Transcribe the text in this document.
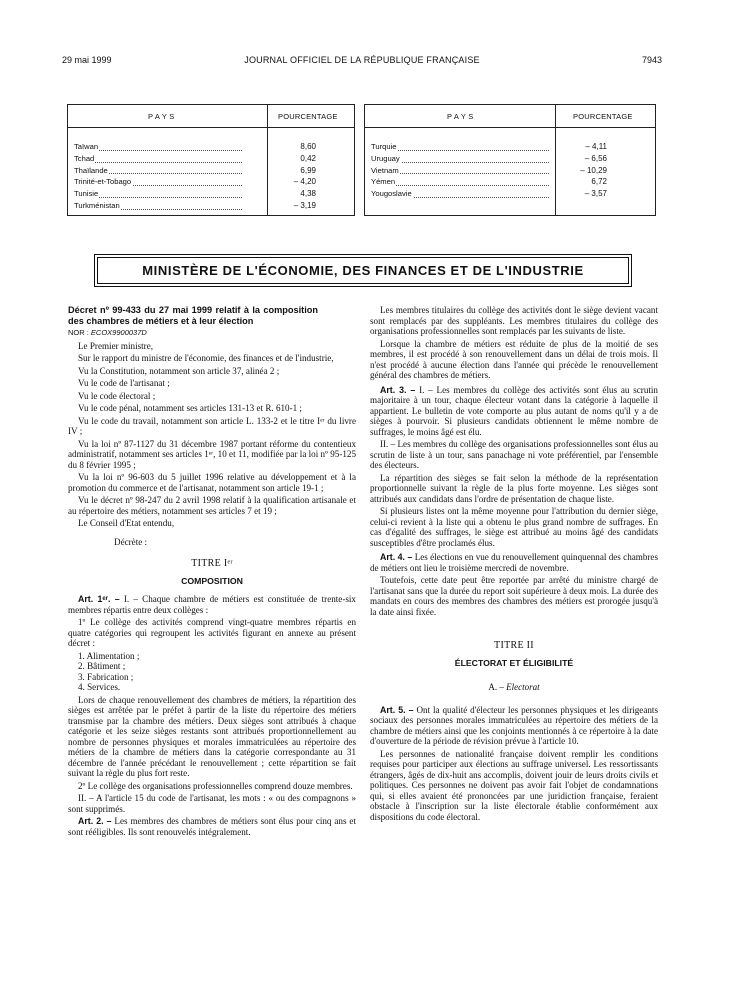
29 mai 1999	JOURNAL OFFICIEL DE LA RÉPUBLIQUE FRANÇAISE	7943
P A Y S	POURCENTAGE
Taïwan	8,60
Tchad	0,42
Thaïlande	6,99
Trinité-et-Tobago	– 4,20
Tunisie	4,38
Turkménistan	– 3,19
P A Y S	POURCENTAGE
Turquie	– 4,11
Uruguay	– 6,56
Vietnam	– 10,29
Yémen	6,72
Yougoslavie	– 3,57
MINISTÈRE DE L'ÉCONOMIE, DES FINANCES ET DE L'INDUSTRIE

Décret nº 99-433 du 27 mai 1999 relatif à la composition des chambres de métiers et à leur élection

NOR : ECOX9900037D

Le Premier ministre,

Sur le rapport du ministre de l'économie, des finances et de l'industrie,

Vu la Constitution, notamment son article 37, alinéa 2 ;

Vu le code de l'artisanat ;

Vu le code électoral ;

Vu le code pénal, notamment ses articles 131-13 et R. 610-1 ;

Vu le code du travail, notamment son article L. 133-2 et le titre Iᵉʳ du livre IV ;

Vu la loi nº 87-1127 du 31 décembre 1987 portant réforme du contentieux administratif, notamment ses articles 1ᵉʳ, 10 et 11, modifiée par la loi nº 95-125 du 8 février 1995 ;

Vu la loi nº 96-603 du 5 juillet 1996 relative au développement et à la promotion du commerce et de l'artisanat, notamment son article 19-1 ;

Vu le décret nº 98-247 du 2 avril 1998 relatif à la qualification artisanale et au répertoire des métiers, notamment ses articles 7 et 19 ;

Le Conseil d'Etat entendu,

Décrète :

TITRE Iᵉʳ

COMPOSITION

Art. 1ᵉʳ. – I. – Chaque chambre de métiers est constituée de trente-six membres répartis entre deux collèges :

1º Le collège des activités comprend vingt-quatre membres répartis en quatre catégories qui regroupent les activités figurant en annexe au présent décret :

1. Alimentation ;

2. Bâtiment ;

3. Fabrication ;

4. Services.

Lors de chaque renouvellement des chambres de métiers, la répartition des sièges est arrêtée par le préfet à partir de la liste du répertoire des métiers transmise par la chambre des métiers. Deux sièges sont attribués à chaque catégorie et les seize sièges restants sont attribués proportionnellement au nombre de personnes physiques et morales immatriculées au répertoire des métiers de la chambre de métiers dans la catégorie correspondante au 31 décembre de l'année précédant le renouvellement ; cette répartition se fait suivant la règle du plus fort reste.

2º Le collège des organisations professionnelles comprend douze membres.

II. – A l'article 15 du code de l'artisanat, les mots : « ou des compagnons » sont supprimés.

Art. 2. – Les membres des chambres de métiers sont élus pour cinq ans et sont rééligibles. Ils sont renouvelés intégralement.

Les membres titulaires du collège des activités dont le siège devient vacant sont remplacés par des suppléants. Les membres titulaires du collège des organisations professionnelles sont remplacés par les suivants de liste.

Lorsque la chambre de métiers est réduite de plus de la moitié de ses membres, il est procédé à son renouvellement dans un délai de trois mois. Il n'est procédé à aucune élection dans l'année qui précède le renouvellement général des chambres de métiers.

Art. 3. – I. – Les membres du collège des activités sont élus au scrutin majoritaire à un tour, chaque électeur votant dans la catégorie à laquelle il appartient. Le bulletin de vote comporte au plus autant de noms qu'il y a de sièges à pourvoir. Si plusieurs candidats obtiennent le même nombre de suffrages, le moins âgé est élu.

II. – Les membres du collège des organisations professionnelles sont élus au scrutin de liste à un tour, sans panachage ni vote préférentiel, par l'ensemble des électeurs.

La répartition des sièges se fait selon la méthode de la représentation proportionnelle suivant la règle de la plus forte moyenne. Les sièges sont attribués aux candidats dans l'ordre de présentation de chaque liste.

Si plusieurs listes ont la même moyenne pour l'attribution du dernier siège, celui-ci revient à la liste qui a obtenu le plus grand nombre de suffrages. En cas d'égalité des suffrages, le siège est attribué au moins âgé des candidats susceptibles d'être proclamés élus.

Art. 4. – Les élections en vue du renouvellement quinquennal des chambres de métiers ont lieu le troisième mercredi de novembre.

Toutefois, cette date peut être reportée par arrêté du ministre chargé de l'artisanat sans que la durée du report soit supérieure à deux mois. La durée des mandats en cours des membres des chambres des métiers est prorogée jusqu'à la date ainsi fixée.

TITRE II

ÉLECTORAT ET ÉLIGIBILITÉ

A. – Electorat

Art. 5. – Ont la qualité d'électeur les personnes physiques et les dirigeants sociaux des personnes morales immatriculées au répertoire des métiers de la chambre de métiers ainsi que les conjoints mentionnés à ce répertoire à la date d'ouverture de la période de révision prévue à l'article 10.

Les personnes de nationalité française doivent remplir les conditions requises pour participer aux élections au suffrage universel. Les ressortissants étrangers, âgés de dix-huit ans accomplis, doivent jouir de leurs droits civils et politiques. Ces personnes ne doivent pas avoir fait l'objet de condamnations qui, si elles avaient été prononcées par une juridiction française, feraient obstacle à l'inscription sur la liste électorale établie conformément aux dispositions du code électoral.
